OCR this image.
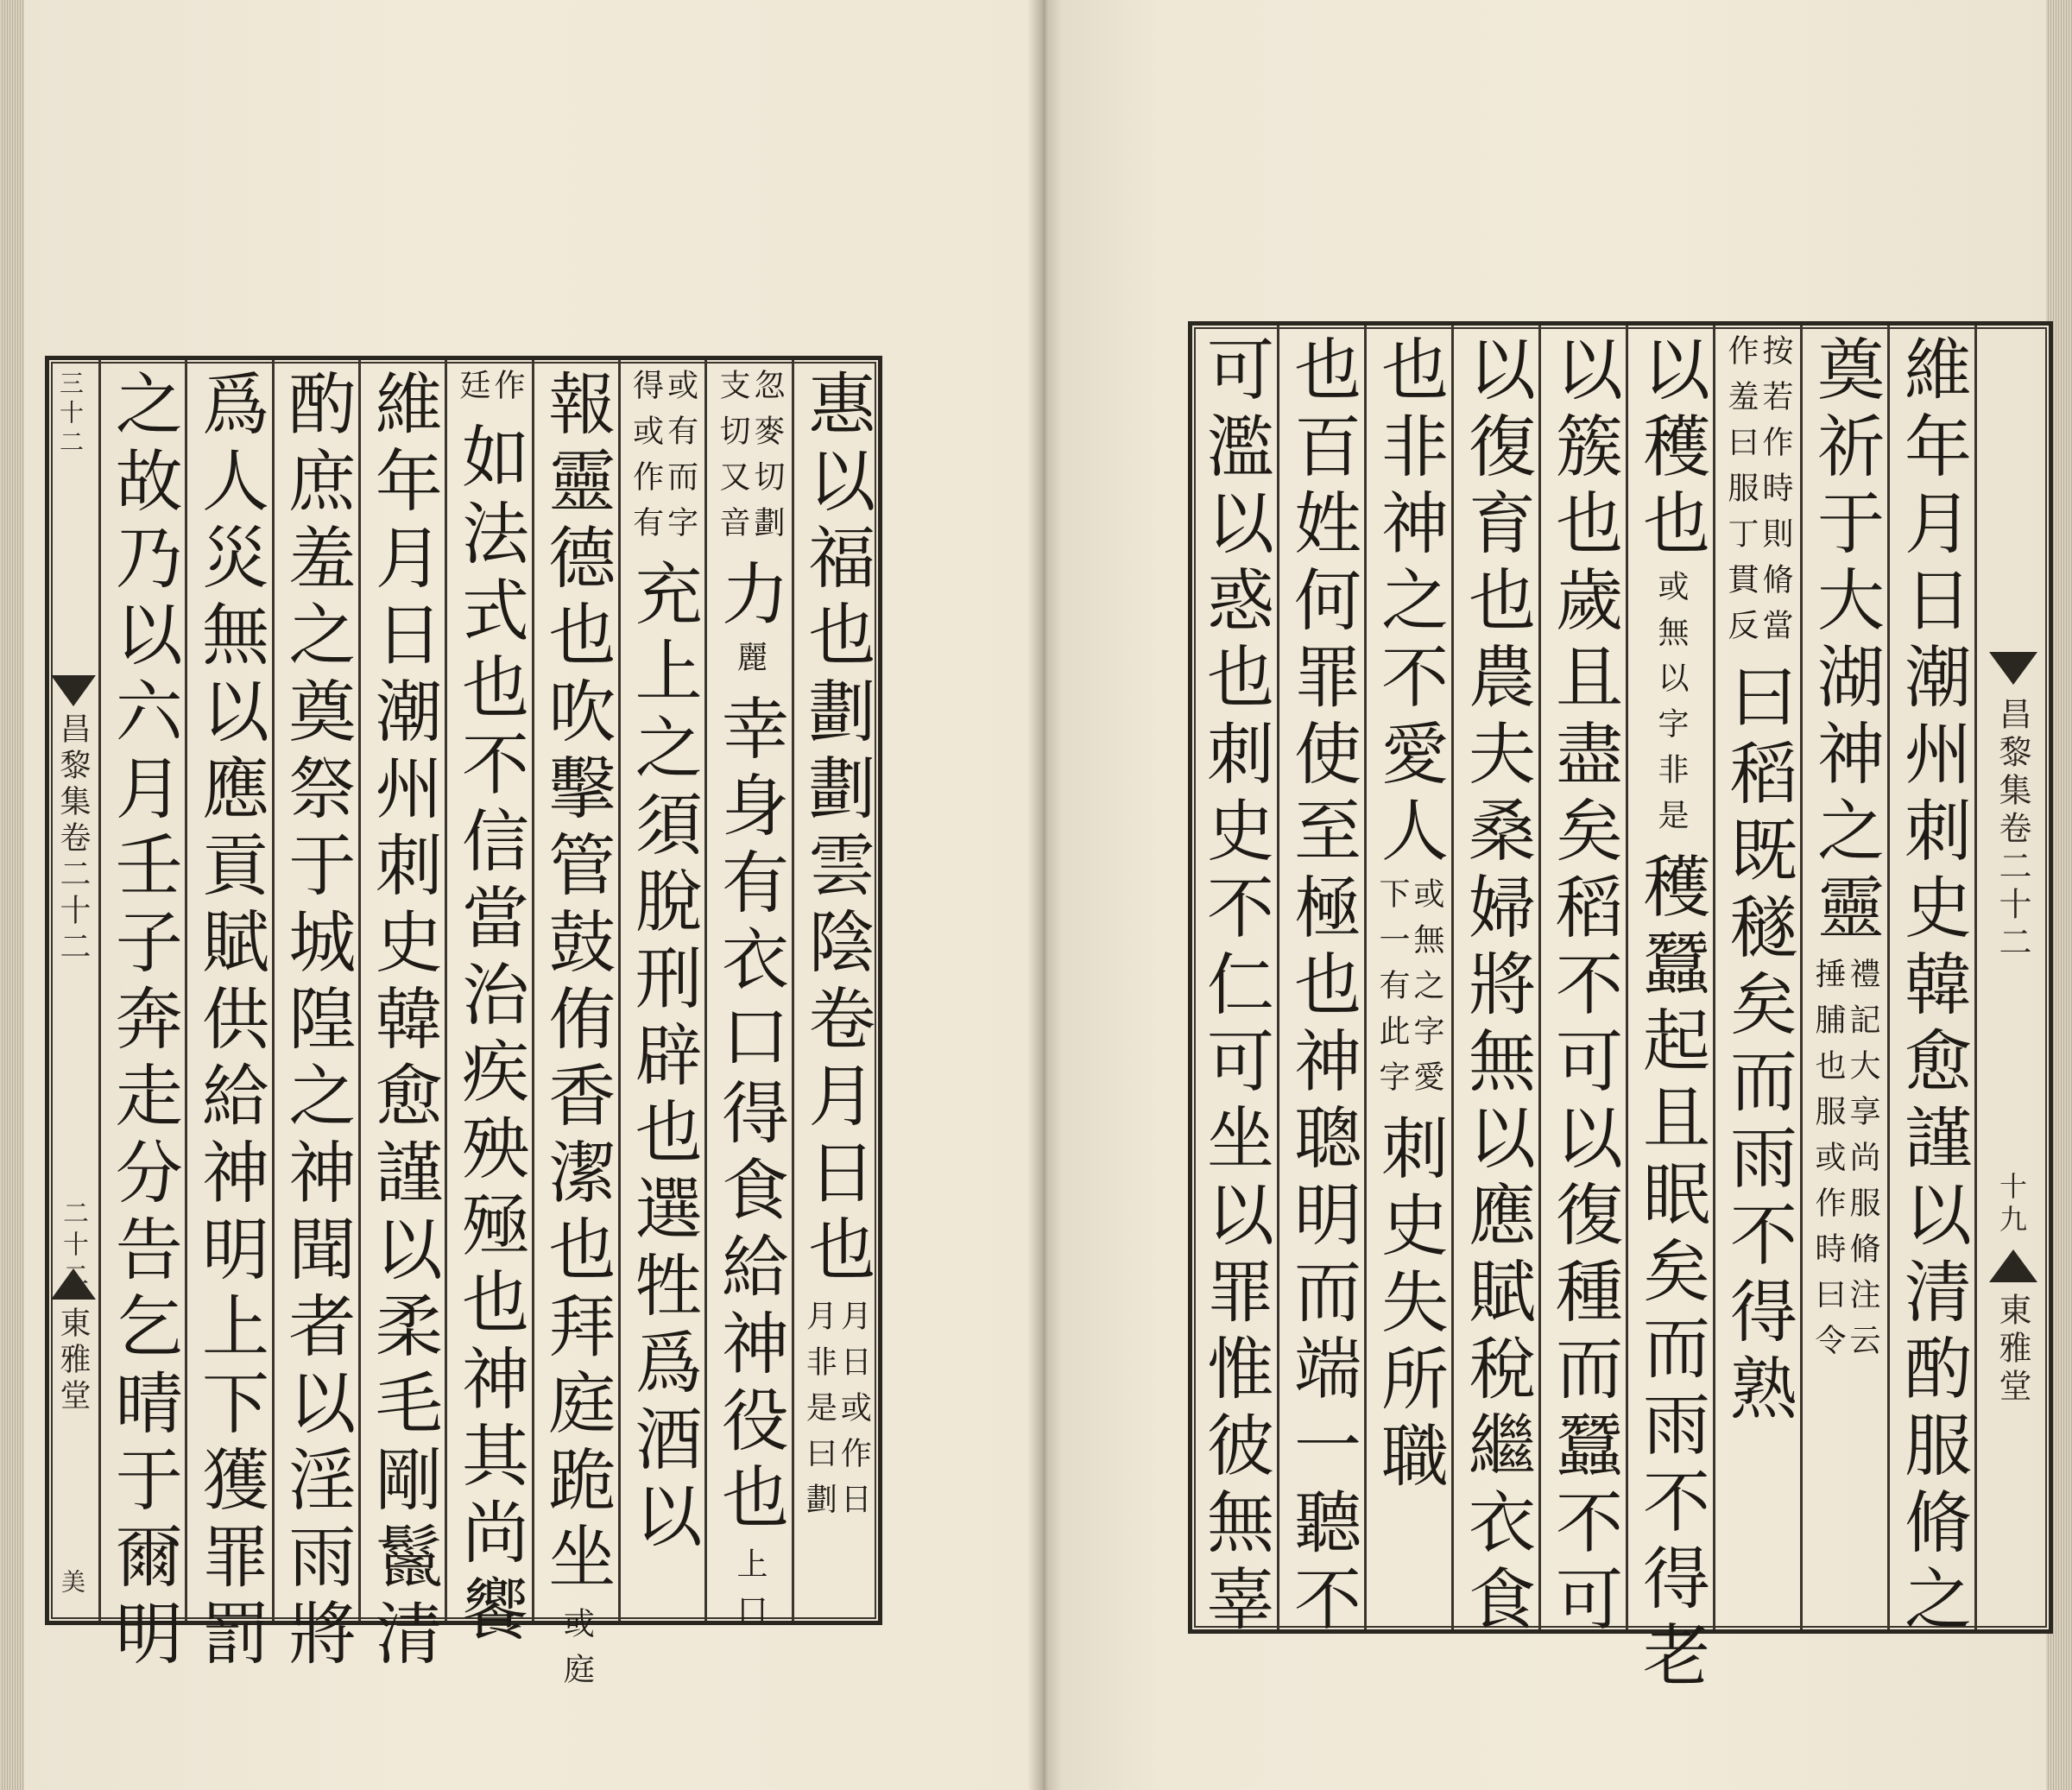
三十二
昌黎集卷二十二
二十二
東雅堂
美
惠以福也劃劃雲陰卷月日也
月日或作日
月非是曰劃
忽麥切劃
支切又音
力
麗
幸身有衣口得食給神役也
上口
或有而字
得或作有
充上之須脫刑辟也選牲爲酒以
報靈德也吹擊管鼓侑香潔也拜庭跪坐
或庭
作
廷
如法式也不信當治疾殃殛也神其尚饗
維年月日潮州刺史韓愈謹以柔毛剛鬣清
酌庶羞之奠祭于城隍之神聞者以淫雨將
爲人災無以應貢賦供給神明上下獲罪罰
之故乃以六月壬子奔走分告乞晴于爾明	維年月日潮州刺史韓愈謹以清酌服脩之
奠祈于大湖神之靈
禮記大享尚服脩注云
捶脯也服或作時曰令
按若作時則脩當
作羞曰服丁貫反
曰稻既穟矣而雨不得熟
以穫也
或無以字非是
穫蠶起且眠矣而雨不得老
以簇也歲且盡矣稻不可以復種而蠶不可
以復育也農夫桑婦將無以應賦稅繼衣食
也非神之不愛人
或無之字愛
下一有此字
刺史失所職
也百姓何罪使至極也神聰明而端一聽不
可濫以惑也刺史不仁可坐以罪惟彼無辜	昌黎集卷二十二
十九
東雅堂
